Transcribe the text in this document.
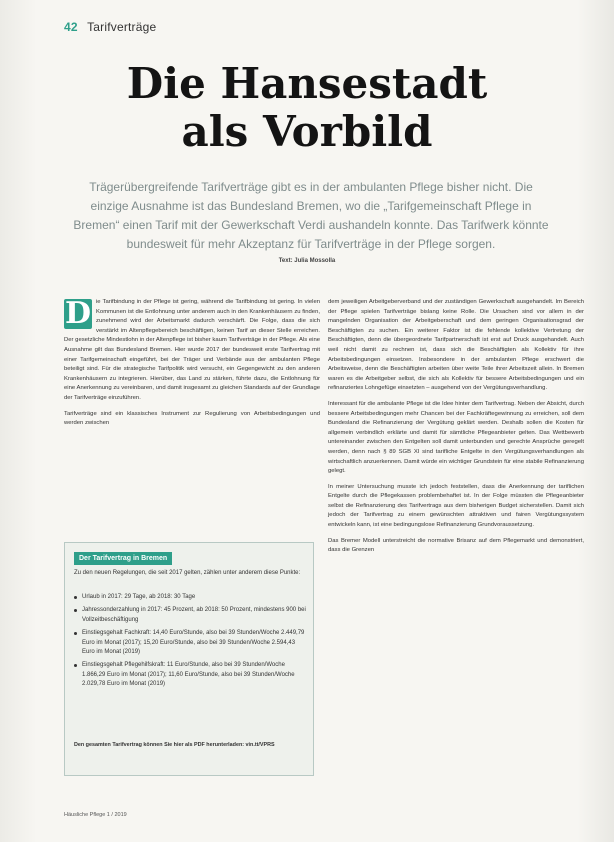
42 Tarifverträge
Die Hansestadt
als Vorbild

Trägerübergreifende Tarifverträge gibt es in der ambulanten Pflege bisher nicht. Die einzige Ausnahme ist das Bundesland Bremen, wo die „Tarifgemeinschaft Pflege in Bremen“ einen Tarif mit der Gewerkschaft Verdi aushandeln konnte. Das Tarifwerk könnte bundesweit für mehr Akzeptanz für Tarifverträge in der Pflege sorgen.

Text: Julia Mossolla

D ie Tarifbindung in der Pflege ist gering, während die Tarifbindung ist gering. In vielen Kommunen ist die Entlohnung unter anderem auch in den Krankenhäusern zu finden, zunehmend wird der Arbeitsmarkt dadurch verschärft. Die Folge, dass die sich verstärkt im Altenpflegebereich beschäftigen, keinen Tarif an dieser Stelle erreichen. Der gesetzliche Mindestlohn in der Altenpflege ist bisher kaum Tarifverträge in der Pflege. Als eine Ausnahme gilt das Bundesland Bremen. Hier wurde 2017 der bundesweit erste Tarifvertrag mit einer Tarifgemeinschaft eingeführt, bei der Träger und Verbände aus der ambulanten Pflege beteiligt sind. Für die strategische Tarifpolitik wird versucht, ein Gegengewicht zu den anderen Krankenhäusern zu integrieren. Hierüber, das Land zu stärken, führte dazu, die Entlohnung für eine Anerkennung zu vereinbaren, und damit insgesamt zu gleichen Standards auf der Grundlage der Tarifverträge einzuführen.

Tarifverträge sind ein klassisches Instrument zur Regulierung von Arbeitsbedingungen und werden zwischen

Der Tarifvertrag in Bremen

Zu den neuen Regelungen, die seit 2017 gelten, zählen unter anderem diese Punkte:

Urlaub in 2017: 29 Tage, ab 2018: 30 Tage
Jahressonderzahlung in 2017: 45 Prozent, ab 2018: 50 Prozent, mindestens 900 bei Vollzeitbeschäftigung
Einstiegsgehalt Fachkraft: 14,40 Euro/Stunde, also bei 39 Stunden/Woche 2.449,79 Euro im Monat (2017); 15,20 Euro/Stunde, also bei 39 Stunden/Woche 2.594,43 Euro im Monat (2019)
Einstiegsgehalt Pflegehilfskraft: 11 Euro/Stunde, also bei 39 Stunden/Woche 1.866,29 Euro im Monat (2017); 11,60 Euro/Stunde, also bei 39 Stunden/Woche 2.029,78 Euro im Monat (2019)

Den gesamten Tarifvertrag können Sie hier als PDF herunterladen: vin.tt/VPRS

dem jeweiligen Arbeitgeberverband und der zuständigen Gewerkschaft ausgehandelt. Im Bereich der Pflege spielen Tarifverträge bislang keine Rolle. Die Ursachen sind vor allem in der mangelnden Organisation der Arbeitgeberschaft und dem geringen Organisationsgrad der Beschäftigten zu suchen. Ein weiterer Faktor ist die fehlende kollektive Vertretung der Beschäftigten, denn die übergeordnete Tarifpartnerschaft ist erst auf Druck ausgehandelt. Auch weil nicht damit zu rechnen ist, dass sich die Beschäftigten als Kollektiv für ihre Arbeitsbedingungen einsetzen. Insbesondere in der ambulanten Pflege erschwert die Arbeitsweise, denn die Beschäftigten arbeiten über weite Teile ihrer Arbeitszeit allein. In Bremen waren es die Arbeitgeber selbst, die sich als Kollektiv für bessere Arbeitsbedingungen und ein refinanziertes Lohngefüge einsetzten – ausgehend von der Vergütungsverhandlung.

Interessant für die ambulante Pflege ist die Idee hinter dem Tarifvertrag. Neben der Absicht, durch bessere Arbeitsbedingungen mehr Chancen bei der Fachkräftegewinnung zu erreichen, soll dem Bundesland die Refinanzierung der Vergütung geklärt werden. Deshalb sollen die Kosten für allgemein verbindlich erklärte und damit für sämtliche Pflegeanbieter gelten. Das Wettbewerb untereinander zwischen den Entgelten soll damit unterbunden und gerechte Ansprüche geregelt werden, denn nach § 89 SGB XI sind tarifliche Entgelte in den Vergütungsverhandlungen als wirtschaftlich anzuerkennen. Damit würde ein wichtiger Grundstein für eine stabile Refinanzierung gelegt.

In meiner Untersuchung musste ich jedoch feststellen, dass die Anerkennung der tariflichen Entgelte durch die Pflegekassen problembehaftet ist. In der Folge müssten die Pflegeanbieter selbst die Refinanzierung des Tarifvertrags aus dem bisherigen Budget sicherstellen. Damit sich jedoch der Tarifvertrag zu einem gewünschten attraktiven und fairen Vergütungssystem entwickeln kann, ist eine bedingungslose Refinanzierung Grundvoraussetzung.

Das Bremer Modell unterstreicht die normative Brisanz auf dem Pflegemarkt und demonstriert, dass die Grenzen

Häusliche Pflege 1 / 2019
